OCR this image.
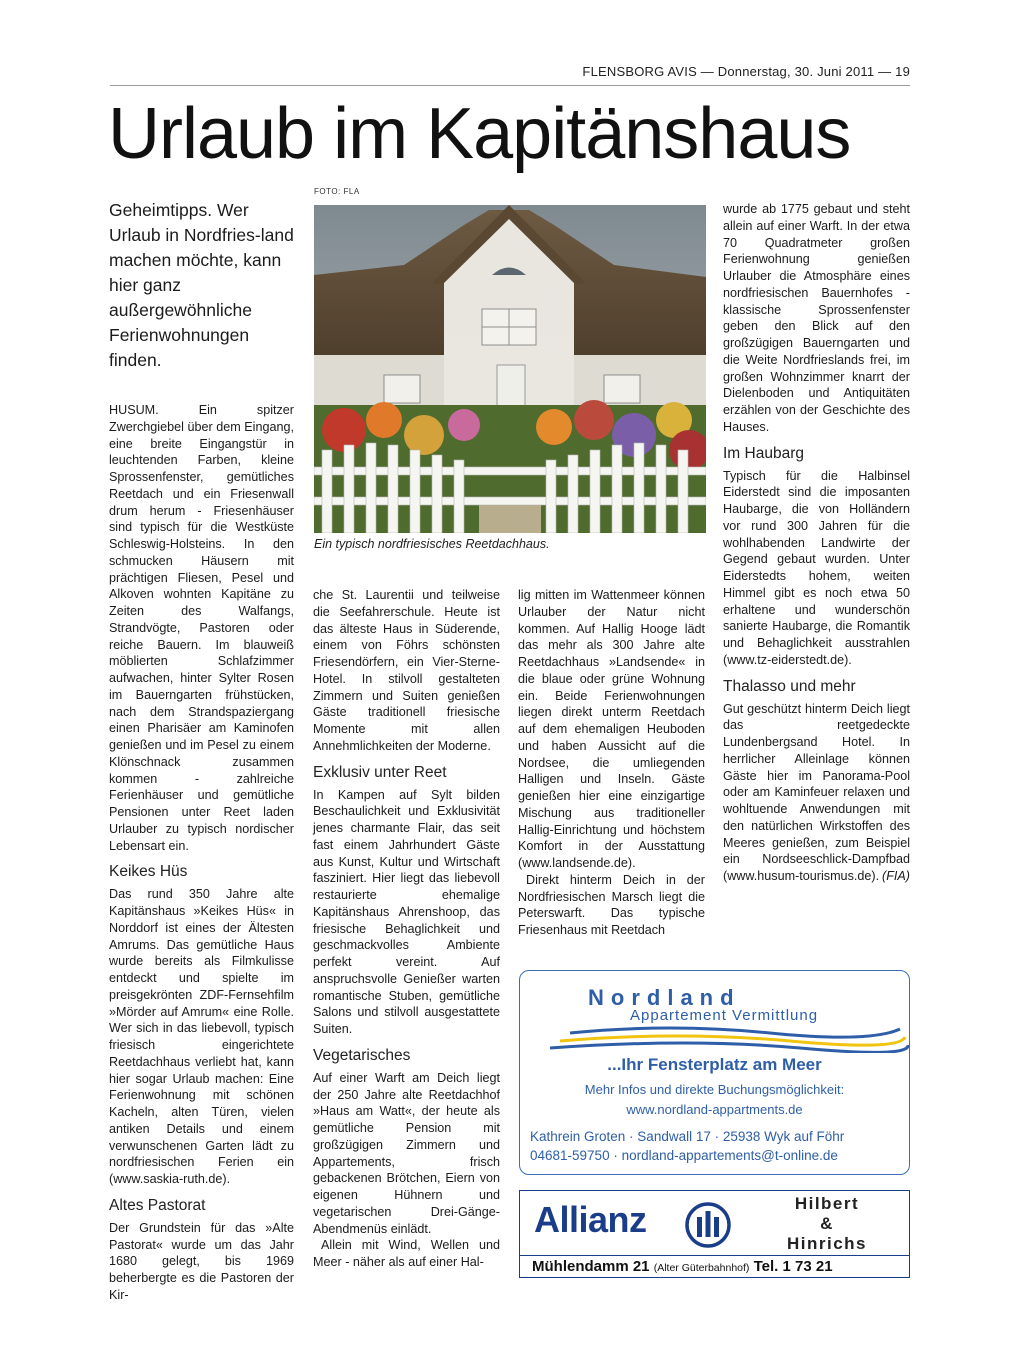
FLENSBORG AVIS — Donnerstag, 30. Juni 2011 — 19
Urlaub im Kapitänshaus
Geheimtipps. Wer Urlaub in Nordfries-land machen möchte, kann hier ganz außergewöhnliche Ferienwohnungen finden.
FOTO: FLA
Ein typisch nordfriesisches Reetdachhaus.

HUSUM. Ein spitzer Zwerchgiebel über dem Eingang, eine breite Eingangstür in leuchtenden Farben, kleine Sprossenfenster, gemütliches Reetdach und ein Friesenwall drum herum - Friesenhäuser sind typisch für die Westküste Schleswig-Holsteins. In den schmucken Häusern mit prächtigen Fliesen, Pesel und Alkoven wohnten Kapitäne zu Zeiten des Walfangs, Strandvögte, Pastoren oder reiche Bauern. Im blauweiß möblierten Schlafzimmer aufwachen, hinter Sylter Rosen im Bauerngarten frühstücken, nach dem Strandspaziergang einen Pharisäer am Kaminofen genießen und im Pesel zu einem Klönschnack zusammen kommen - zahlreiche Ferienhäuser und gemütliche Pensionen unter Reet laden Urlauber zu typisch nordischer Lebensart ein.

Keikes Hüs

Das rund 350 Jahre alte Kapitänshaus »Keikes Hüs« in Norddorf ist eines der Ältesten Amrums. Das gemütliche Haus wurde bereits als Filmkulisse entdeckt und spielte im preisgekrönten ZDF-Fernsehfilm »Mörder auf Amrum« eine Rolle. Wer sich in das liebevoll, typisch friesisch eingerichtete Reetdachhaus verliebt hat, kann hier sogar Urlaub machen: Eine Ferienwohnung mit schönen Kacheln, alten Türen, vielen antiken Details und einem verwunschenen Garten lädt zu nordfriesischen Ferien ein (www.saskia-ruth.de).

Altes Pastorat

Der Grundstein für das »Alte Pastorat« wurde um das Jahr 1680 gelegt, bis 1969 beherbergte es die Pastoren der Kir-

che St. Laurentii und teilweise die Seefahrerschule. Heute ist das älteste Haus in Süderende, einem von Föhrs schönsten Friesendörfern, ein Vier-Sterne-Hotel. In stilvoll gestalteten Zimmern und Suiten genießen Gäste traditionell friesische Momente mit allen Annehmlichkeiten der Moderne.

Exklusiv unter Reet

In Kampen auf Sylt bilden Beschaulichkeit und Exklusivität jenes charmante Flair, das seit fast einem Jahrhundert Gäste aus Kunst, Kultur und Wirtschaft fasziniert. Hier liegt das liebevoll restaurierte ehemalige Kapitänshaus Ahrenshoop, das friesische Behaglichkeit und geschmackvolles Ambiente perfekt vereint. Auf anspruchsvolle Genießer warten romantische Stuben, gemütliche Salons und stilvoll ausgestattete Suiten.

Vegetarisches

Auf einer Warft am Deich liegt der 250 Jahre alte Reetdachhof »Haus am Watt«, der heute als gemütliche Pension mit großzügigen Zimmern und Appartements, frisch gebackenen Brötchen, Eiern von eigenen Hühnern und vegetarischen Drei-Gänge-Abendmenüs einlädt.

Allein mit Wind, Wellen und Meer - näher als auf einer Hal-

lig mitten im Wattenmeer können Urlauber der Natur nicht kommen. Auf Hallig Hooge lädt das mehr als 300 Jahre alte Reetdachhaus »Landsende« in die blaue oder grüne Wohnung ein. Beide Ferienwohnungen liegen direkt unterm Reetdach auf dem ehemaligen Heuboden und haben Aussicht auf die Nordsee, die umliegenden Halligen und Inseln. Gäste genießen hier eine einzigartige Mischung aus traditioneller Hallig-Einrichtung und höchstem Komfort in der Ausstattung (www.landsende.de).

Direkt hinterm Deich in der Nordfriesischen Marsch liegt die Peterswarft. Das typische Friesenhaus mit Reetdach

wurde ab 1775 gebaut und steht allein auf einer Warft. In der etwa 70 Quadratmeter großen Ferienwohnung genießen Urlauber die Atmosphäre eines nordfriesischen Bauernhofes - klassische Sprossenfenster geben den Blick auf den großzügigen Bauerngarten und die Weite Nordfrieslands frei, im großen Wohnzimmer knarrt der Dielenboden und Antiquitäten erzählen von der Geschichte des Hauses.

Im Haubarg

Typisch für die Halbinsel Eiderstedt sind die imposanten Haubarge, die von Holländern vor rund 300 Jahren für die wohlhabenden Landwirte der Gegend gebaut wurden. Unter Eiderstedts hohem, weiten Himmel gibt es noch etwa 50 erhaltene und wunderschön sanierte Haubarge, die Romantik und Behaglichkeit ausstrahlen (www.tz-eiderstedt.de).

Thalasso und mehr

Gut geschützt hinterm Deich liegt das reetgedeckte Lundenbergsand Hotel. In herrlicher Alleinlage können Gäste hier im Panorama-Pool oder am Kaminfeuer relaxen und wohltuende Anwendungen mit den natürlichen Wirkstoffen des Meeres genießen, zum Beispiel ein Nordseeschlick-Dampfbad (www.husum-tourismus.de). (FIA)

Nordland
Appartement Vermittlung
...Ihr Fensterplatz am Meer
Mehr Infos und direkte Buchungsmöglichkeit:
www.nordland-appartments.de
Kathrein Groten · Sandwall 17 · 25938 Wyk auf Föhr
04681-59750 · nordland-appartements@t-online.de
Allianz	Hilbert
&
Hinrichs
Mühlendamm 21 (Alter Güterbahnhof) Tel. 1 73 21
